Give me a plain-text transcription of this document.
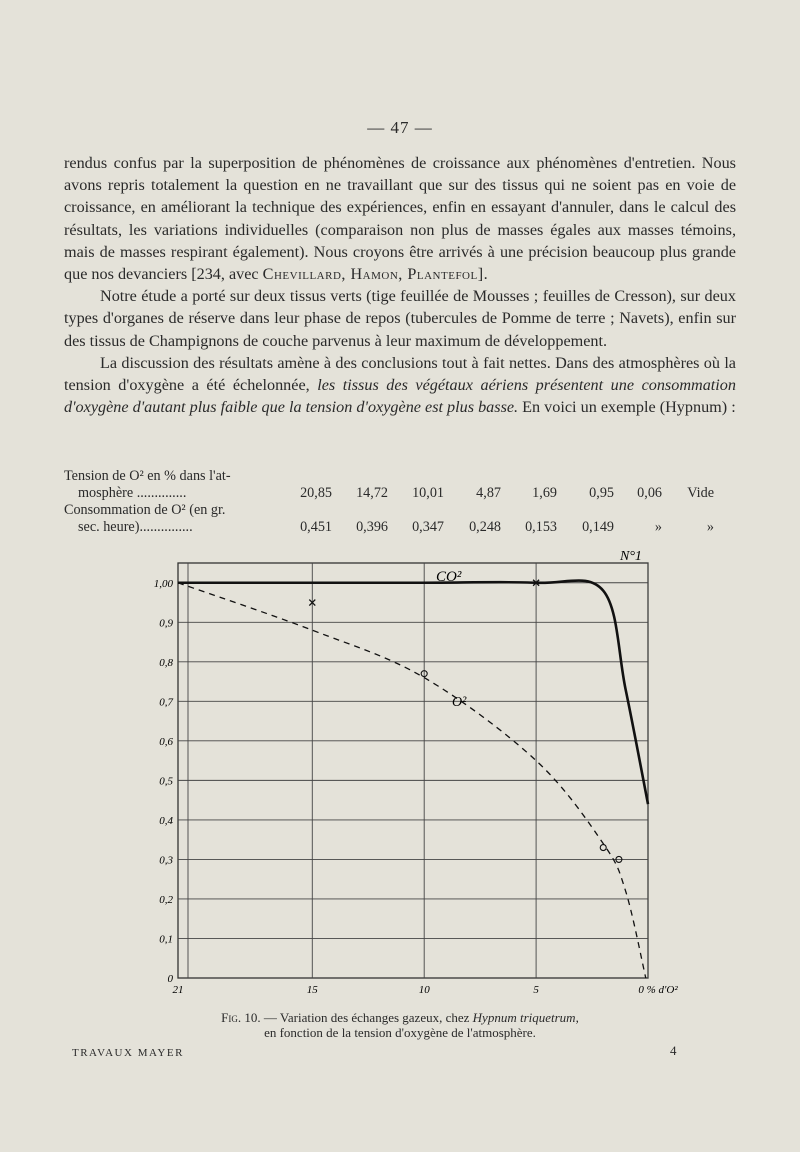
— 47 —

rendus confus par la superposition de phénomènes de croissance aux phénomènes d'entretien. Nous avons repris totalement la question en ne travaillant que sur des tissus qui ne soient pas en voie de croissance, en améliorant la technique des expériences, enfin en essayant d'annuler, dans le calcul des résultats, les variations individuelles (comparaison non plus de masses égales aux masses témoins, mais de masses respirant également). Nous croyons être arrivés à une précision beaucoup plus grande que nos devanciers [234, avec Chevillard, Hamon, Plantefol].

Notre étude a porté sur deux tissus verts (tige feuillée de Mousses ; feuilles de Cresson), sur deux types d'organes de réserve dans leur phase de repos (tubercules de Pomme de terre ; Navets), enfin sur des tissus de Champignons de couche parvenus à leur maximum de développement.

La discussion des résultats amène à des conclusions tout à fait nettes. Dans des atmosphères où la tension d'oxygène a été échelonnée, les tissus des végétaux aériens présentent une consommation d'oxygène d'autant plus faible que la tension d'oxygène est plus basse. En voici un exemple (Hypnum) :

Tension de O² en % dans l'at-
mosphère ..............	20,85	14,72	10,01	4,87	1,69	0,95	0,06	Vide
Consommation de O² (en gr.
sec. heure)...............	0,451	0,396	0,347	0,248	0,153	0,149	»	»
1,00
0,9
0,8
0,7
0,6
0,5
0,4
0,3
0,2
0,1
0
21	15	10	5	0 % d'O²
N°1
CO²
O²
Fig. 10. — Variation des échanges gazeux, chez Hypnum triquetrum,
en fonction de la tension d'oxygène de l'atmosphère.
TRAVAUX MAYER	4
